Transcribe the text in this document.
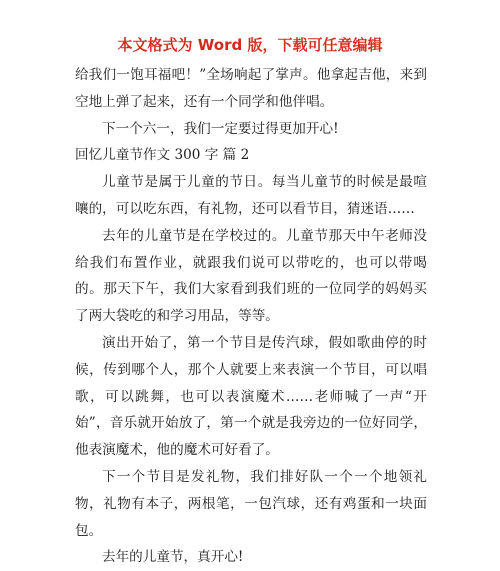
本文格式为 Word 版，下载可任意编辑

给我们一饱耳福吧！”全场响起了掌声。他拿起吉他，来到空地上弹了起来，还有一个同学和他伴唱。

下一个六一，我们一定要过得更加开心!

回忆儿童节作文 300 字 篇 2

儿童节是属于儿童的节日。每当儿童节的时候是最喧嚷的，可以吃东西，有礼物，还可以看节目，猜迷语……

去年的儿童节是在学校过的。儿童节那天中午老师没给我们布置作业，就跟我们说可以带吃的，也可以带喝的。那天下午，我们大家看到我们班的一位同学的妈妈买了两大袋吃的和学习用品，等等。

演出开始了，第一个节目是传汽球，假如歌曲停的时候，传到哪个人，那个人就要上来表演一个节目，可以唱歌，可以跳舞，也可以表演魔术……老师喊了一声“开始”，音乐就开始放了，第一个就是我旁边的一位好同学，他表演魔术，他的魔术可好看了。

下一个节目是发礼物，我们排好队一个一个地领礼物，礼物有本子，两根笔，一包汽球，还有鸡蛋和一块面包。

去年的儿童节，真开心!
